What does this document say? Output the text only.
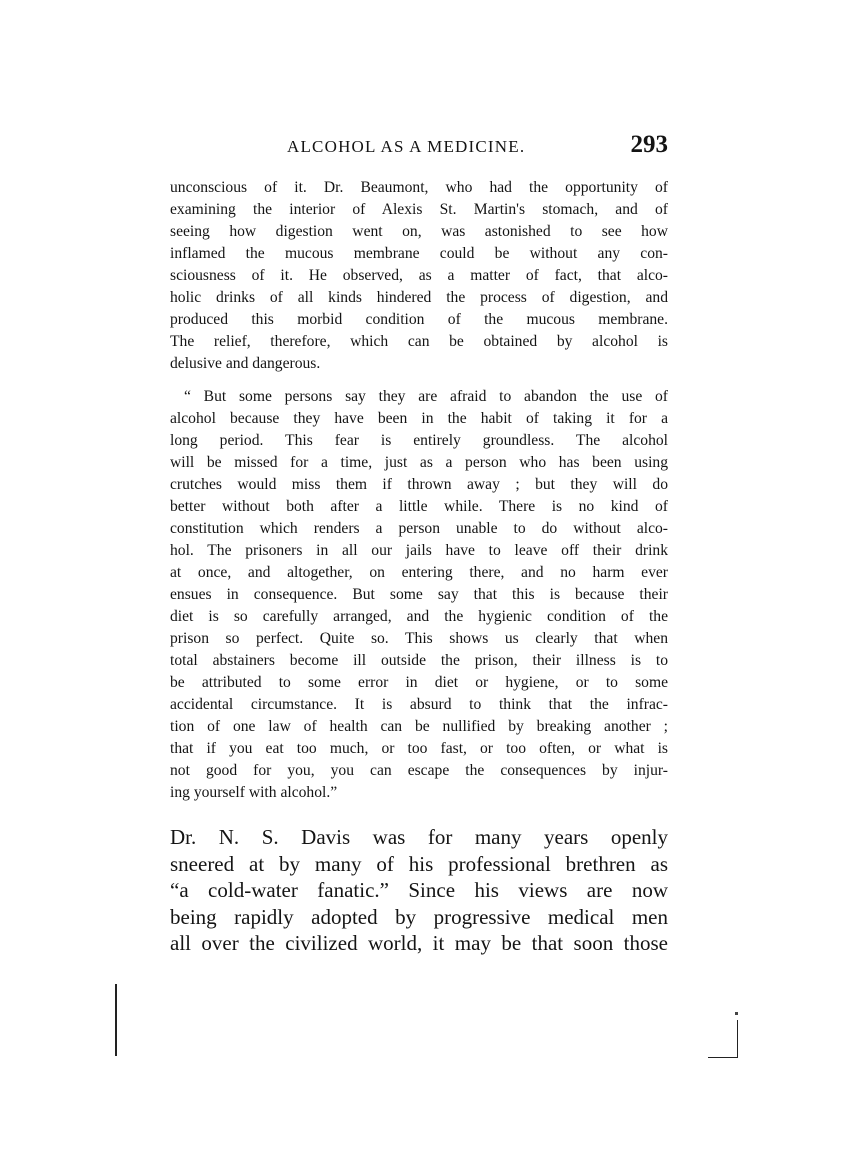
ALCOHOL AS A MEDICINE.	293
unconscious of it. Dr. Beaumont, who had the opportunity of
examining the interior of Alexis St. Martin's stomach, and of
seeing how digestion went on, was astonished to see how
inflamed the mucous membrane could be without any con-
sciousness of it. He observed, as a matter of fact, that alco-
holic drinks of all kinds hindered the process of digestion, and
produced this morbid condition of the mucous membrane.
The relief, therefore, which can be obtained by alcohol is
delusive and dangerous.
“ But some persons say they are afraid to abandon the use of
alcohol because they have been in the habit of taking it for a
long period. This fear is entirely groundless. The alcohol
will be missed for a time, just as a person who has been using
crutches would miss them if thrown away ; but they will do
better without both after a little while. There is no kind of
constitution which renders a person unable to do without alco-
hol. The prisoners in all our jails have to leave off their drink
at once, and altogether, on entering there, and no harm ever
ensues in consequence. But some say that this is because their
diet is so carefully arranged, and the hygienic condition of the
prison so perfect. Quite so. This shows us clearly that when
total abstainers become ill outside the prison, their illness is to
be attributed to some error in diet or hygiene, or to some
accidental circumstance. It is absurd to think that the infrac-
tion of one law of health can be nullified by breaking another ;
that if you eat too much, or too fast, or too often, or what is
not good for you, you can escape the consequences by injur-
ing yourself with alcohol.”
Dr. N. S. Davis was for many years openly
sneered at by many of his professional brethren as
“a cold-water fanatic.” Since his views are now
being rapidly adopted by progressive medical men
all over the civilized world, it may be that soon those
